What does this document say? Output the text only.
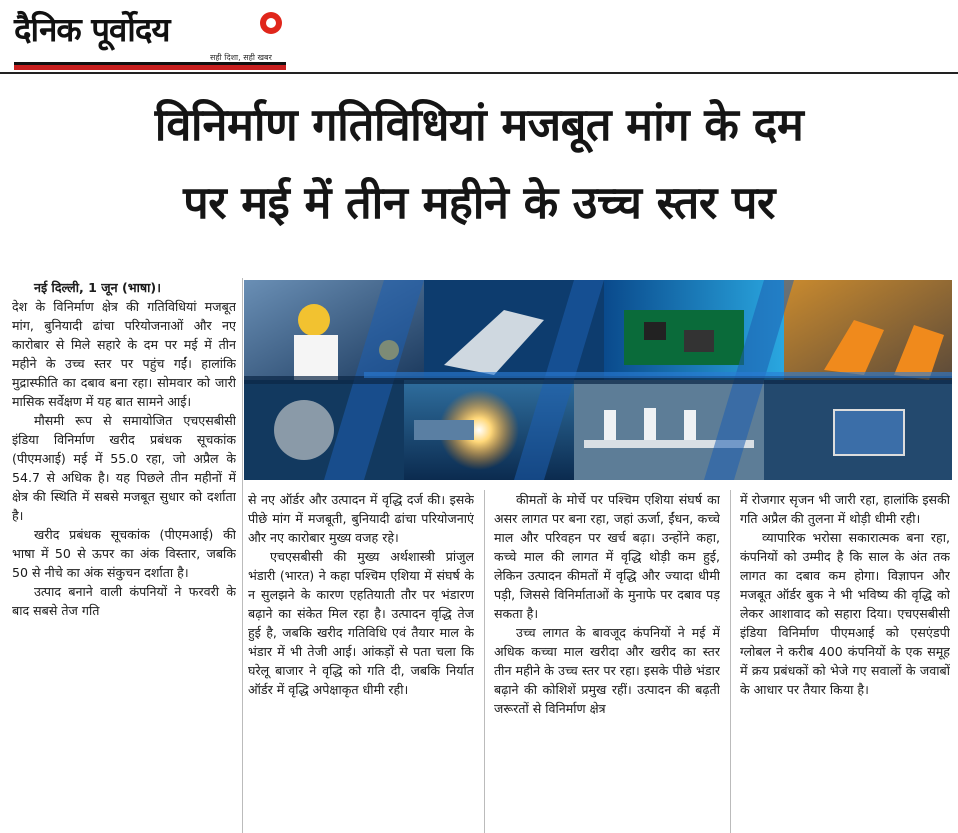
दैनिक पूर्वोदय
सही दिशा, सही खबर
विनिर्माण गतिविधियां मजबूत मांग के दम
पर मई में तीन महीने के उच्च स्तर पर

नई दिल्ली, 1 जून (भाषा)।

देश के विनिर्माण क्षेत्र की गतिविधियां मजबूत मांग, बुनियादी ढांचा परियोजनाओं और नए कारोबार से मिले सहारे के दम पर मई में तीन महीने के उच्च स्तर पर पहुंच गईं। हालांकि मुद्रास्फीति का दबाव बना रहा। सोमवार को जारी मासिक सर्वेक्षण में यह बात सामने आई।

मौसमी रूप से समायोजित एचएसबीसी इंडिया विनिर्माण खरीद प्रबंधक सूचकांक (पीएमआई) मई में 55.0 रहा, जो अप्रैल के 54.7 से अधिक है। यह पिछले तीन महीनों में क्षेत्र की स्थिति में सबसे मजबूत सुधार को दर्शाता है।

खरीद प्रबंधक सूचकांक (पीएमआई) की भाषा में 50 से ऊपर का अंक विस्तार, जबकि 50 से नीचे का अंक संकुचन दर्शाता है।

उत्पाद बनाने वाली कंपनियों ने फरवरी के बाद सबसे तेज गति

से नए ऑर्डर और उत्पादन में वृद्धि दर्ज की। इसके पीछे मांग में मजबूती, बुनियादी ढांचा परियोजनाएं और नए कारोबार मुख्य वजह रहे।

एचएसबीसी की मुख्य अर्थशास्त्री प्रांजुल भंडारी (भारत) ने कहा पश्चिम एशिया में संघर्ष के न सुलझने के कारण एहतियाती तौर पर भंडारण बढ़ाने का संकेत मिल रहा है। उत्पादन वृद्धि तेज हुई है, जबकि खरीद गतिविधि एवं तैयार माल के भंडार में भी तेजी आई। आंकड़ों से पता चला कि घरेलू बाजार ने वृद्धि को गति दी, जबकि निर्यात ऑर्डर में वृद्धि अपेक्षाकृत धीमी रही।

कीमतों के मोर्चे पर पश्चिम एशिया संघर्ष का असर लागत पर बना रहा, जहां ऊर्जा, ईंधन, कच्चे माल और परिवहन पर खर्च बढ़ा। उन्होंने कहा, कच्चे माल की लागत में वृद्धि थोड़ी कम हुई, लेकिन उत्पादन कीमतों में वृद्धि और ज्यादा धीमी पड़ी, जिससे विनिर्माताओं के मुनाफे पर दबाव पड़ सकता है।

उच्च लागत के बावजूद कंपनियों ने मई में अधिक कच्चा माल खरीदा और खरीद का स्तर तीन महीने के उच्च स्तर पर रहा। इसके पीछे भंडार बढ़ाने की कोशिशें प्रमुख रहीं। उत्पादन की बढ़ती जरूरतों से विनिर्माण क्षेत्र

में रोजगार सृजन भी जारी रहा, हालांकि इसकी गति अप्रैल की तुलना में थोड़ी धीमी रही।

व्यापारिक भरोसा सकारात्मक बना रहा, कंपनियों को उम्मीद है कि साल के अंत तक लागत का दबाव कम होगा। विज्ञापन और मजबूत ऑर्डर बुक ने भी भविष्य की वृद्धि को लेकर आशावाद को सहारा दिया। एचएसबीसी इंडिया विनिर्माण पीएमआई को एसएंडपी ग्लोबल ने करीब 400 कंपनियों के एक समूह में क्रय प्रबंधकों को भेजे गए सवालों के जवाबों के आधार पर तैयार किया है।
